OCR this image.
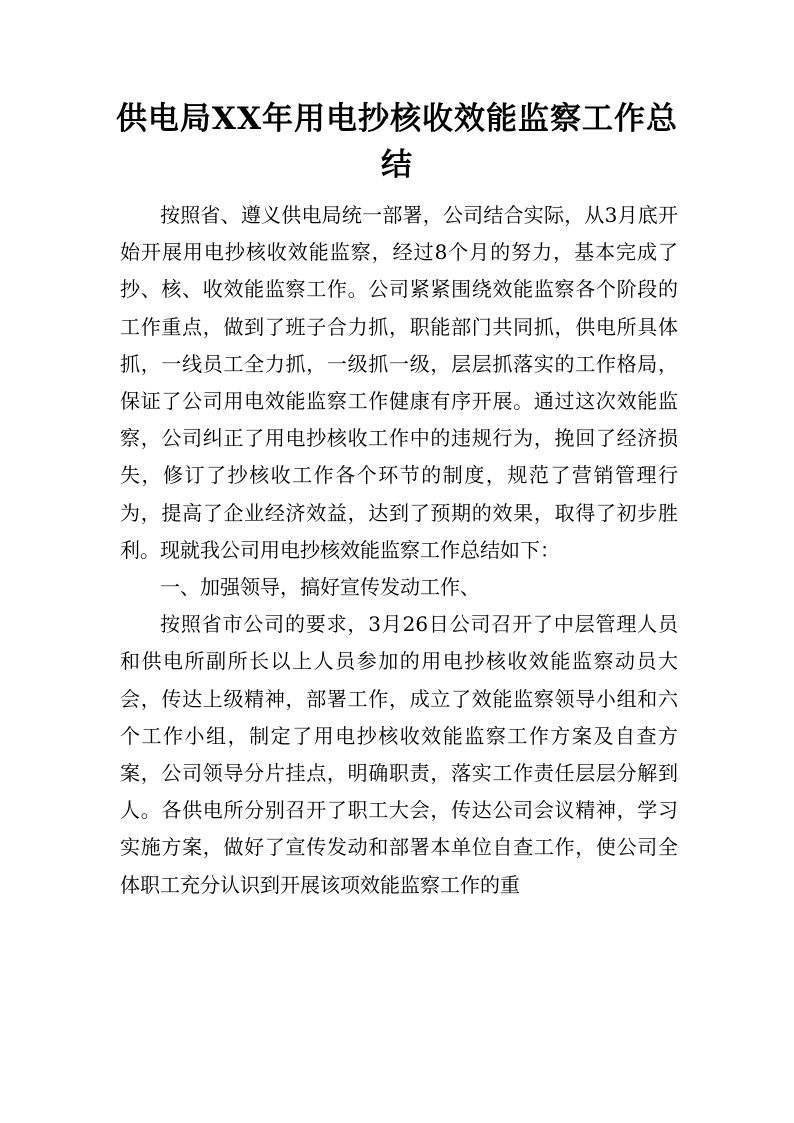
供电局XX年用电抄核收效能监察工作总结

按照省、遵义供电局统一部署，公司结合实际，从3月底开始开展用电抄核收效能监察，经过8个月的努力，基本完成了抄、核、收效能监察工作。公司紧紧围绕效能监察各个阶段的工作重点，做到了班子合力抓，职能部门共同抓，供电所具体抓，一线员工全力抓，一级抓一级，层层抓落实的工作格局，保证了公司用电效能监察工作健康有序开展。通过这次效能监察，公司纠正了用电抄核收工作中的违规行为，挽回了经济损失，修订了抄核收工作各个环节的制度，规范了营销管理行为，提高了企业经济效益，达到了预期的效果，取得了初步胜利。现就我公司用电抄核效能监察工作总结如下：

一、加强领导，搞好宣传发动工作、

按照省市公司的要求，3月26日公司召开了中层管理人员和供电所副所长以上人员参加的用电抄核收效能监察动员大会，传达上级精神，部署工作，成立了效能监察领导小组和六个工作小组，制定了用电抄核收效能监察工作方案及自查方案，公司领导分片挂点，明确职责，落实工作责任层层分解到人。各供电所分别召开了职工大会，传达公司会议精神，学习实施方案，做好了宣传发动和部署本单位自查工作，使公司全体职工充分认识到开展该项效能监察工作的重
